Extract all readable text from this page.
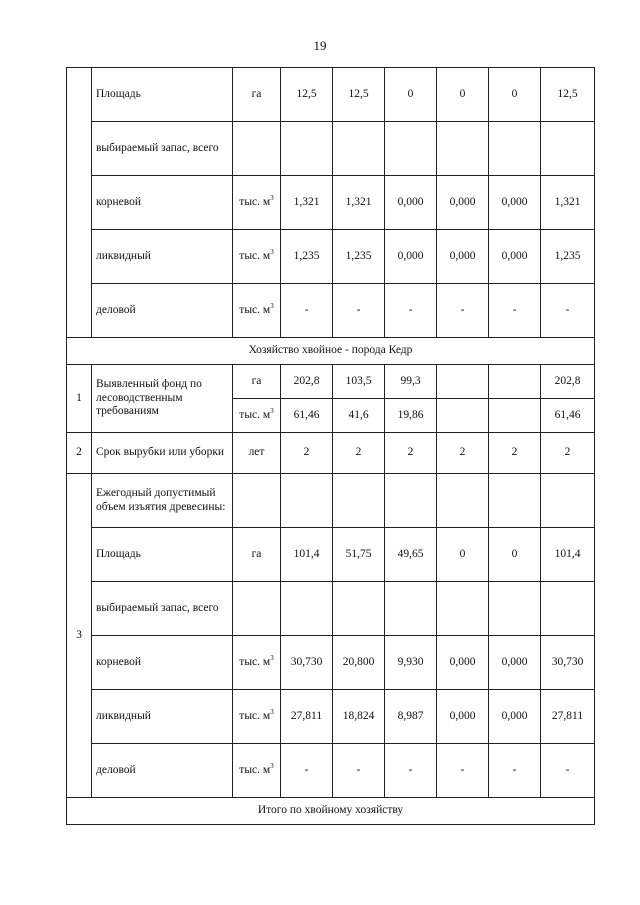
19
	Площадь	га	12,5	12,5	0	0	0	12,5
	выбираемый запас, всего							
	корневой	тыс. $м^3$	1,321	1,321	0,000	0,000	0,000	1,321
	ликвидный	тыс. $м^3$	1,235	1,235	0,000	0,000	0,000	1,235
	деловой	тыс. $м^3$	-	-	-	-	-	-
Хозяйство хвойное - порода Кедр								
1	Выявленный фонд по лесоводственным требованиям	га	202,8	103,5	99,3			202,8
		тыс. $м^3$	61,46	41,6	19,86			61,46
2	Срок вырубки или уборки	лет	2	2	2	2	2	2
3	Ежегодный допустимый объем изъятия древесины:							
	Площадь	га	101,4	51,75	49,65	0	0	101,4
	выбираемый запас, всего							
	корневой	тыс. $м^3$	30,730	20,800	9,930	0,000	0,000	30,730
	ликвидный	тыс. $м^3$	27,811	18,824	8,987	0,000	0,000	27,811
	деловой	тыс. $м^3$	-	-	-	-	-	-
Итого по хвойному хозяйству								
